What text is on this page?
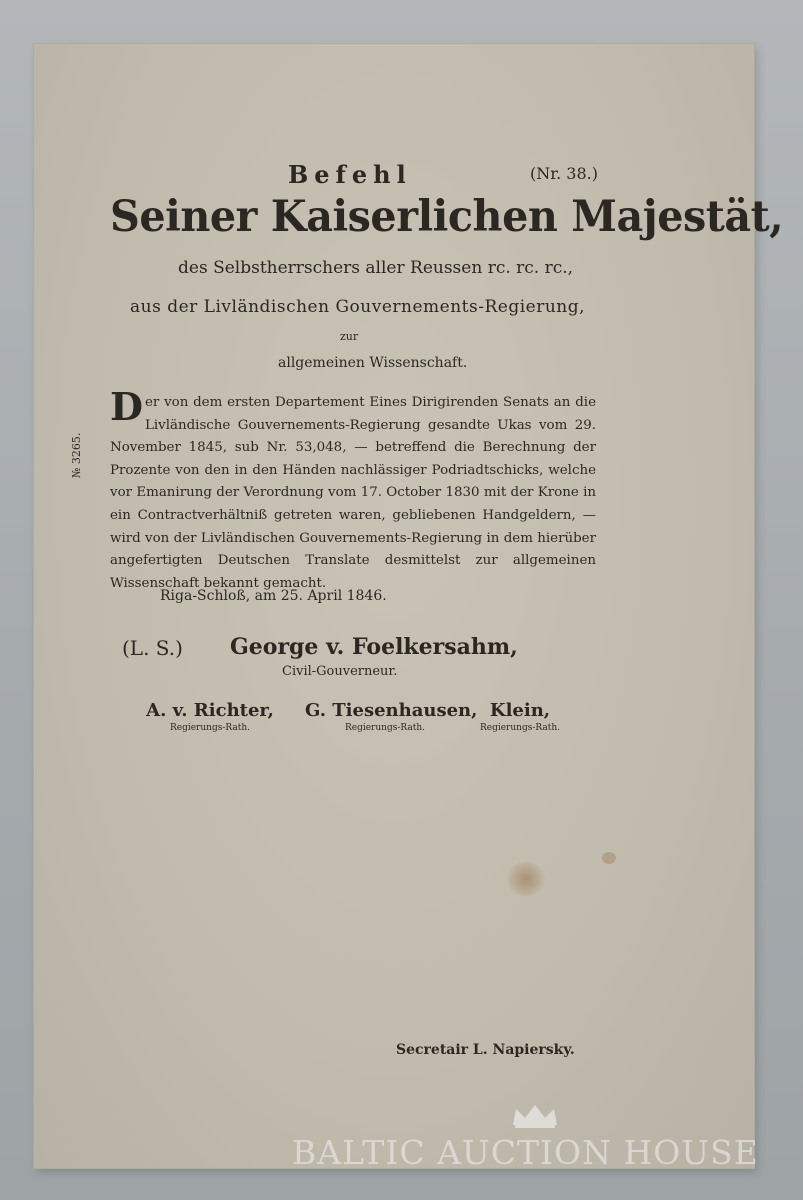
Befehl	(Nr. 38.)
Seiner Kaiserlichen Majestät,
des Selbstherrschers aller Reussen rc. rc. rc.,
aus der Livländischen Gouvernements-Regierung,
zur
allgemeinen Wissenschaft.
№ 3265.
D er von dem ersten Departement Eines Dirigirenden Senats an die Livländische Gouvernements-Regierung gesandte Ukas vom 29. November 1845, sub Nr. 53,048, — betreffend die Berechnung der Prozente von den in den Händen nachlässiger Podriadtschicks, welche vor Emanirung der Verordnung vom 17. October 1830 mit der Krone in ein Contractverhältniß getreten waren, gebliebenen Handgeldern, — wird von der Livländischen Gouvernements-Regierung in dem hierüber angefertigten Deutschen Translate desmittelst zur allgemeinen Wissenschaft bekannt gemacht.
Riga-Schloß, am 25. April 1846.
(L. S.) George v. Foelkersahm,
Civil-Gouverneur.
A. v. Richter,
Regierungs-Rath.
G. Tiesenhausen,
Regierungs-Rath.
Klein,
Regierungs-Rath.
Secretair L. Napiersky.
BALTIC AUCTION HOUSE
